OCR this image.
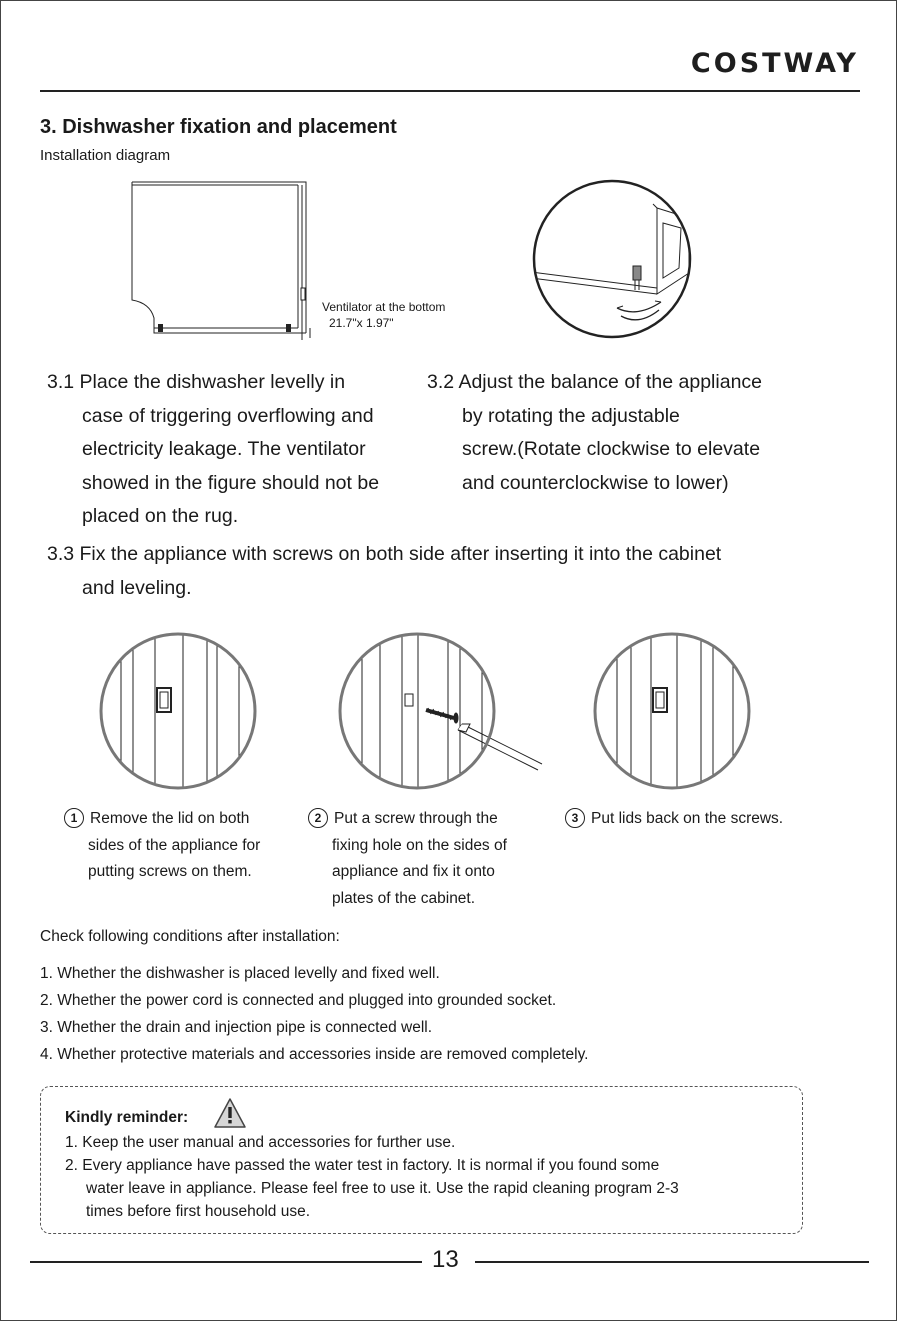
COSTWAY
3. Dishwasher fixation and placement
Installation diagram
Ventilator at the bottom
21.7"x 1.97"
3.1 Place the dishwasher levelly in
case of triggering overflowing and
electricity leakage. The ventilator
showed in the figure should not be
placed on the rug.
3.2 Adjust the balance of the appliance
by rotating the adjustable
screw.(Rotate clockwise to elevate
and counterclockwise to lower)
3.3 Fix the appliance with screws on both side after inserting it into the cabinet
and leveling.
1 Remove the lid on both
sides of the appliance for
putting screws on them.
2 Put a screw through the
fixing hole on the sides of
appliance and fix it onto
plates of the cabinet.
3 Put lids back on the screws.
Check following conditions after installation:
1. Whether the dishwasher is placed levelly and fixed well.
2. Whether the power cord is connected and plugged into grounded socket.
3. Whether the drain and injection pipe is connected well.
4. Whether protective materials and accessories inside are removed completely.
Kindly reminder:
1. Keep the user manual and accessories for further use.
2. Every appliance have passed the water test in factory. It is normal if you found some
water leave in appliance. Please feel free to use it. Use the rapid cleaning program 2-3
times before first household use.
13
